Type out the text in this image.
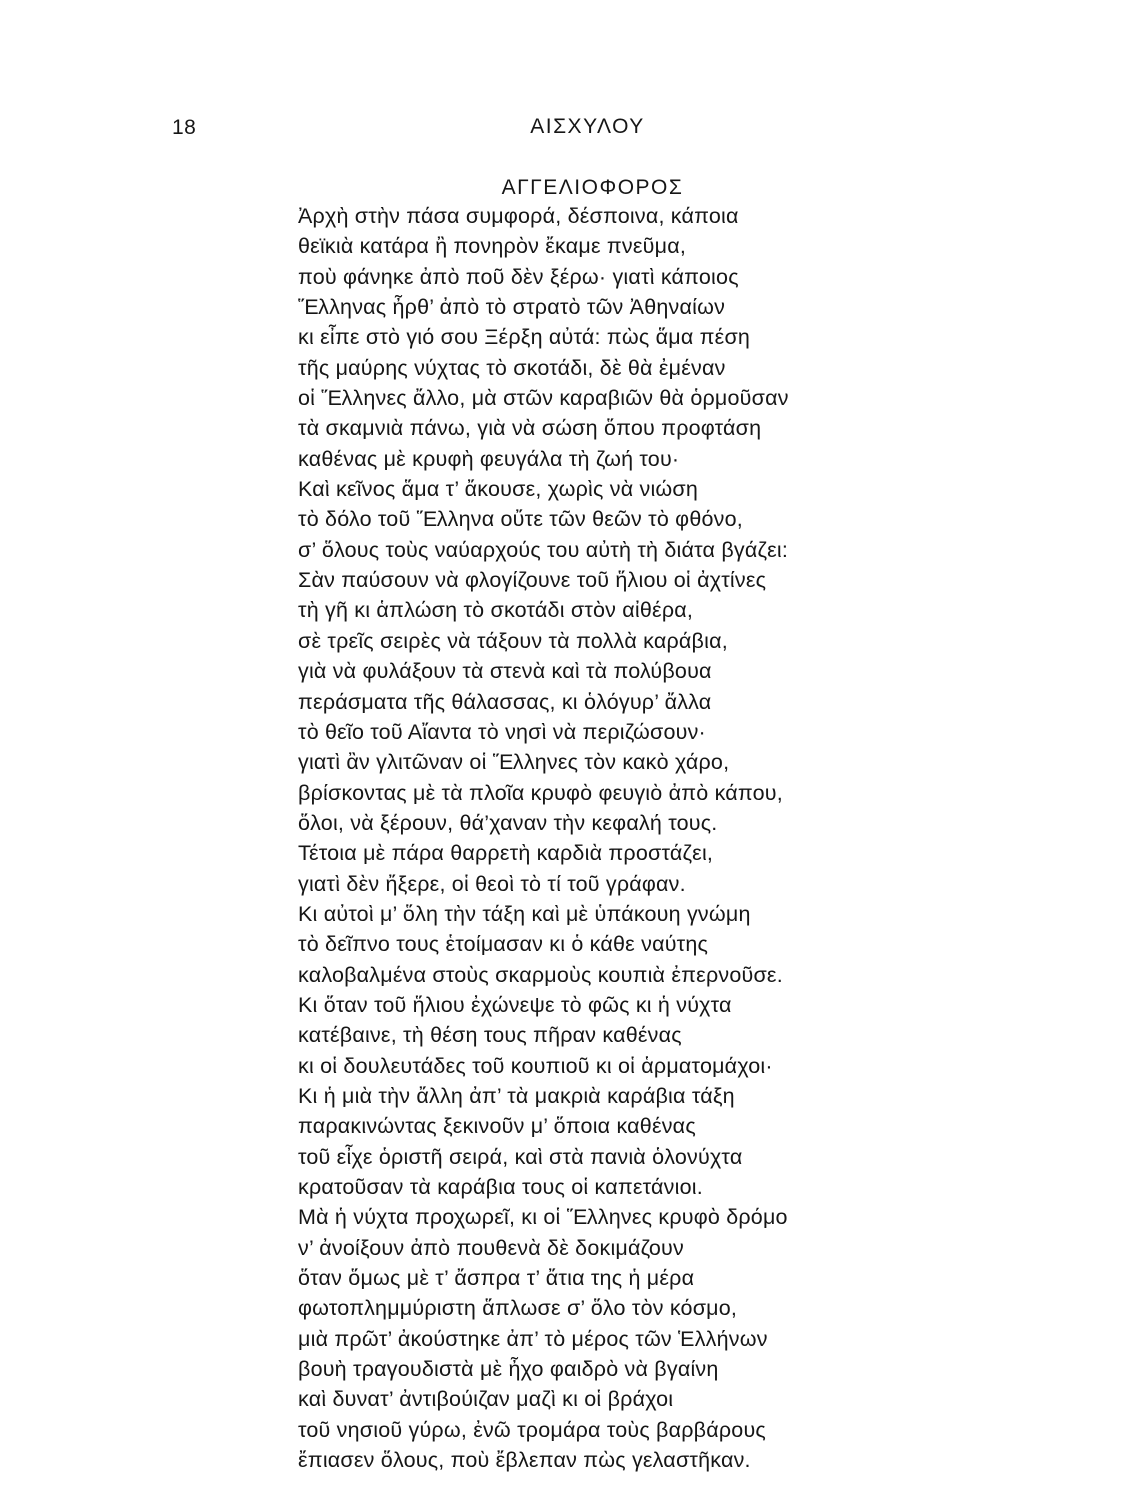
18	ΑΙΣΧΥΛΟΥ
ΑΓΓΕΛΙΟΦΟΡΟΣ
Ἀρχὴ στὴν πάσα συμφορά, δέσποινα, κάποια
θεϊκιὰ κατάρα ἢ πονηρὸν ἔκαμε πνεῦμα,
ποὺ φάνηκε ἀπὸ ποῦ δὲν ξέρω· γιατὶ κάποιος
Ἕλληνας ἦρθ’ ἀπὸ τὸ στρατὸ τῶν Ἀθηναίων
κι εἶπε στὸ γιό σου Ξέρξη αὐτά: πὼς ἅμα πέση
τῆς μαύρης νύχτας τὸ σκοτάδι, δὲ θὰ ἐμέναν
οἱ Ἕλληνες ἄλλο, μὰ στῶν καραβιῶν θὰ ὁρμοῦσαν
τὰ σκαμνιὰ πάνω, γιὰ νὰ σώση ὅπου προφτάση
καθένας μὲ κρυφὴ φευγάλα τὴ ζωή του·
Καὶ κεῖνος ἅμα τ’ ἄκουσε, χωρὶς νὰ νιώση
τὸ δόλο τοῦ Ἕλληνα οὔτε τῶν θεῶν τὸ φθόνο,
σ’ ὅλους τοὺς ναύαρχούς του αὐτὴ τὴ διάτα βγάζει:
Σὰν παύσουν νὰ φλογίζουνε τοῦ ἥλιου οἱ ἀχτίνες
τὴ γῆ κι ἁπλώση τὸ σκοτάδι στὸν αἰθέρα,
σὲ τρεῖς σειρὲς νὰ τάξουν τὰ πολλὰ καράβια,
γιὰ νὰ φυλάξουν τὰ στενὰ καὶ τὰ πολύβουα
περάσματα τῆς θάλασσας, κι ὁλόγυρ’ ἄλλα
τὸ θεῖο τοῦ Αἴαντα τὸ νησὶ νὰ περιζώσουν·
γιατὶ ἂν γλιτῶναν οἱ Ἕλληνες τὸν κακὸ χάρο,
βρίσκοντας μὲ τὰ πλοῖα κρυφὸ φευγιὸ ἀπὸ κάπου,
ὅλοι, νὰ ξέρουν, θά’χαναν τὴν κεφαλή τους.
Τέτοια μὲ πάρα θαρρετὴ καρδιὰ προστάζει,
γιατὶ δὲν ἤξερε, οἱ θεοὶ τὸ τί τοῦ γράφαν.
Κι αὐτοὶ μ’ ὅλη τὴν τάξη καὶ μὲ ὑπάκουη γνώμη
τὸ δεῖπνο τους ἑτοίμασαν κι ὁ κάθε ναύτης
καλοβαλμένα στοὺς σκαρμοὺς κουπιὰ ἐπερνοῦσε.
Κι ὅταν τοῦ ἥλιου ἐχώνεψε τὸ φῶς κι ἡ νύχτα
κατέβαινε, τὴ θέση τους πῆραν καθένας
κι οἱ δουλευτάδες τοῦ κουπιοῦ κι οἱ ἁρματομάχοι·
Κι ἡ μιὰ τὴν ἄλλη ἀπ’ τὰ μακριὰ καράβια τάξη
παρακινώντας ξεκινοῦν μ’ ὅποια καθένας
τοῦ εἶχε ὁριστῆ σειρά, καὶ στὰ πανιὰ ὁλονύχτα
κρατοῦσαν τὰ καράβια τους οἱ καπετάνιοι.
Μὰ ἡ νύχτα προχωρεῖ, κι οἱ Ἕλληνες κρυφὸ δρόμο
ν’ ἀνοίξουν ἀπὸ πουθενὰ δὲ δοκιμάζουν
ὅταν ὅμως μὲ τ’ ἄσπρα τ’ ἄτια της ἡ μέρα
φωτοπλημμύριστη ἅπλωσε σ’ ὅλο τὸν κόσμο,
μιὰ πρῶτ’ ἀκούστηκε ἀπ’ τὸ μέρος τῶν Ἑλλήνων
βουὴ τραγουδιστὰ μὲ ἦχο φαιδρὸ νὰ βγαίνη
καὶ δυνατ’ ἀντιβούιζαν μαζὶ κι οἱ βράχοι
τοῦ νησιοῦ γύρω, ἐνῶ τρομάρα τοὺς βαρβάρους
ἔπιασεν ὅλους, ποὺ ἔβλεπαν πὼς γελαστῆκαν.
